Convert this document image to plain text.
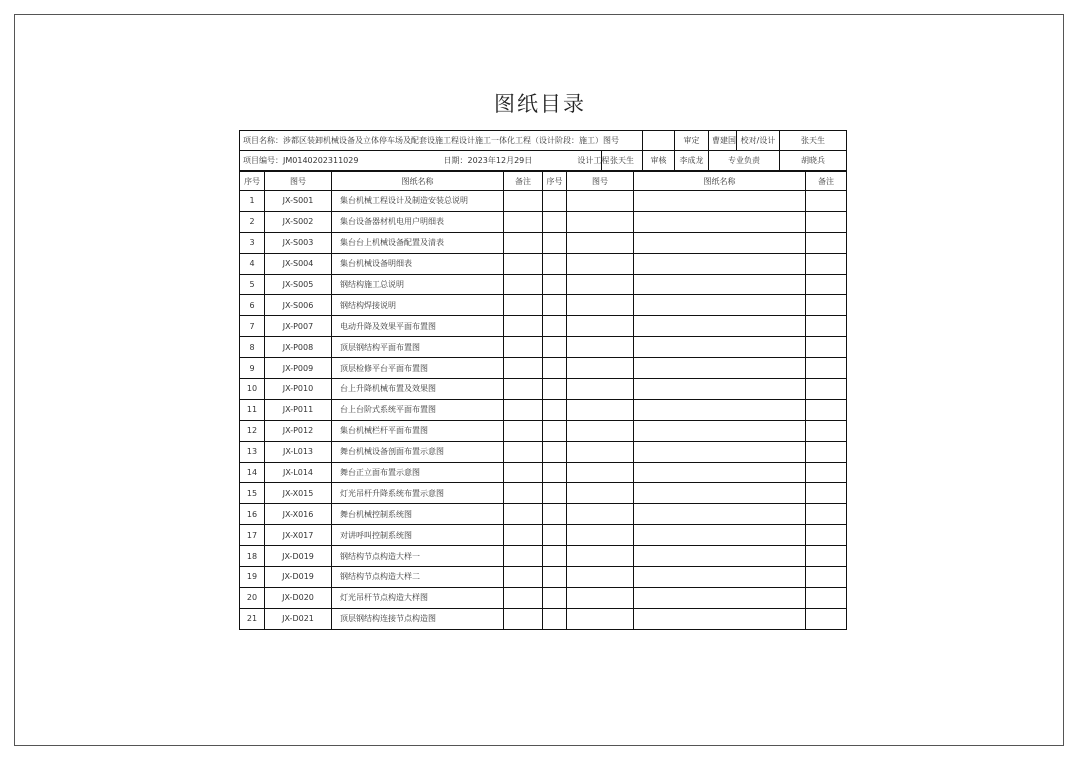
图纸目录
项目名称：涉都区装卸机械设备及立体停车场及配套设施工程设计施工一体化工程（设计阶段：施工）图号			审定	曹建国	校对/设计	张天生
项目编号：JM0140202311029 日期：2023年12月29日 设计工程	张天生	审核	李成龙	专业负责		胡晓兵
序号	图号	图纸名称	备注	序号	图号	图纸名称	备注
1	JX-S001	集台机械工程设计及制造安装总说明					
2	JX-S002	集台设备器材机电用户明细表					
3	JX-S003	集台台上机械设备配置及清表					
4	JX-S004	集台机械设备明细表					
5	JX-S005	钢结构施工总说明					
6	JX-S006	钢结构焊接说明					
7	JX-P007	电动升降及效果平面布置图					
8	JX-P008	顶层钢结构平面布置图					
9	JX-P009	顶层检修平台平面布置图					
10	JX-P010	台上升降机械布置及效果图					
11	JX-P011	台上台阶式系统平面布置图					
12	JX-P012	集台机械栏杆平面布置图					
13	JX-L013	舞台机械设备剖面布置示意图					
14	JX-L014	舞台正立面布置示意图					
15	JX-X015	灯光吊杆升降系统布置示意图					
16	JX-X016	舞台机械控制系统图					
17	JX-X017	对讲呼叫控制系统图					
18	JX-D019	钢结构节点构造大样一					
19	JX-D019	钢结构节点构造大样二					
20	JX-D020	灯光吊杆节点构造大样图					
21	JX-D021	顶层钢结构连接节点构造图					
